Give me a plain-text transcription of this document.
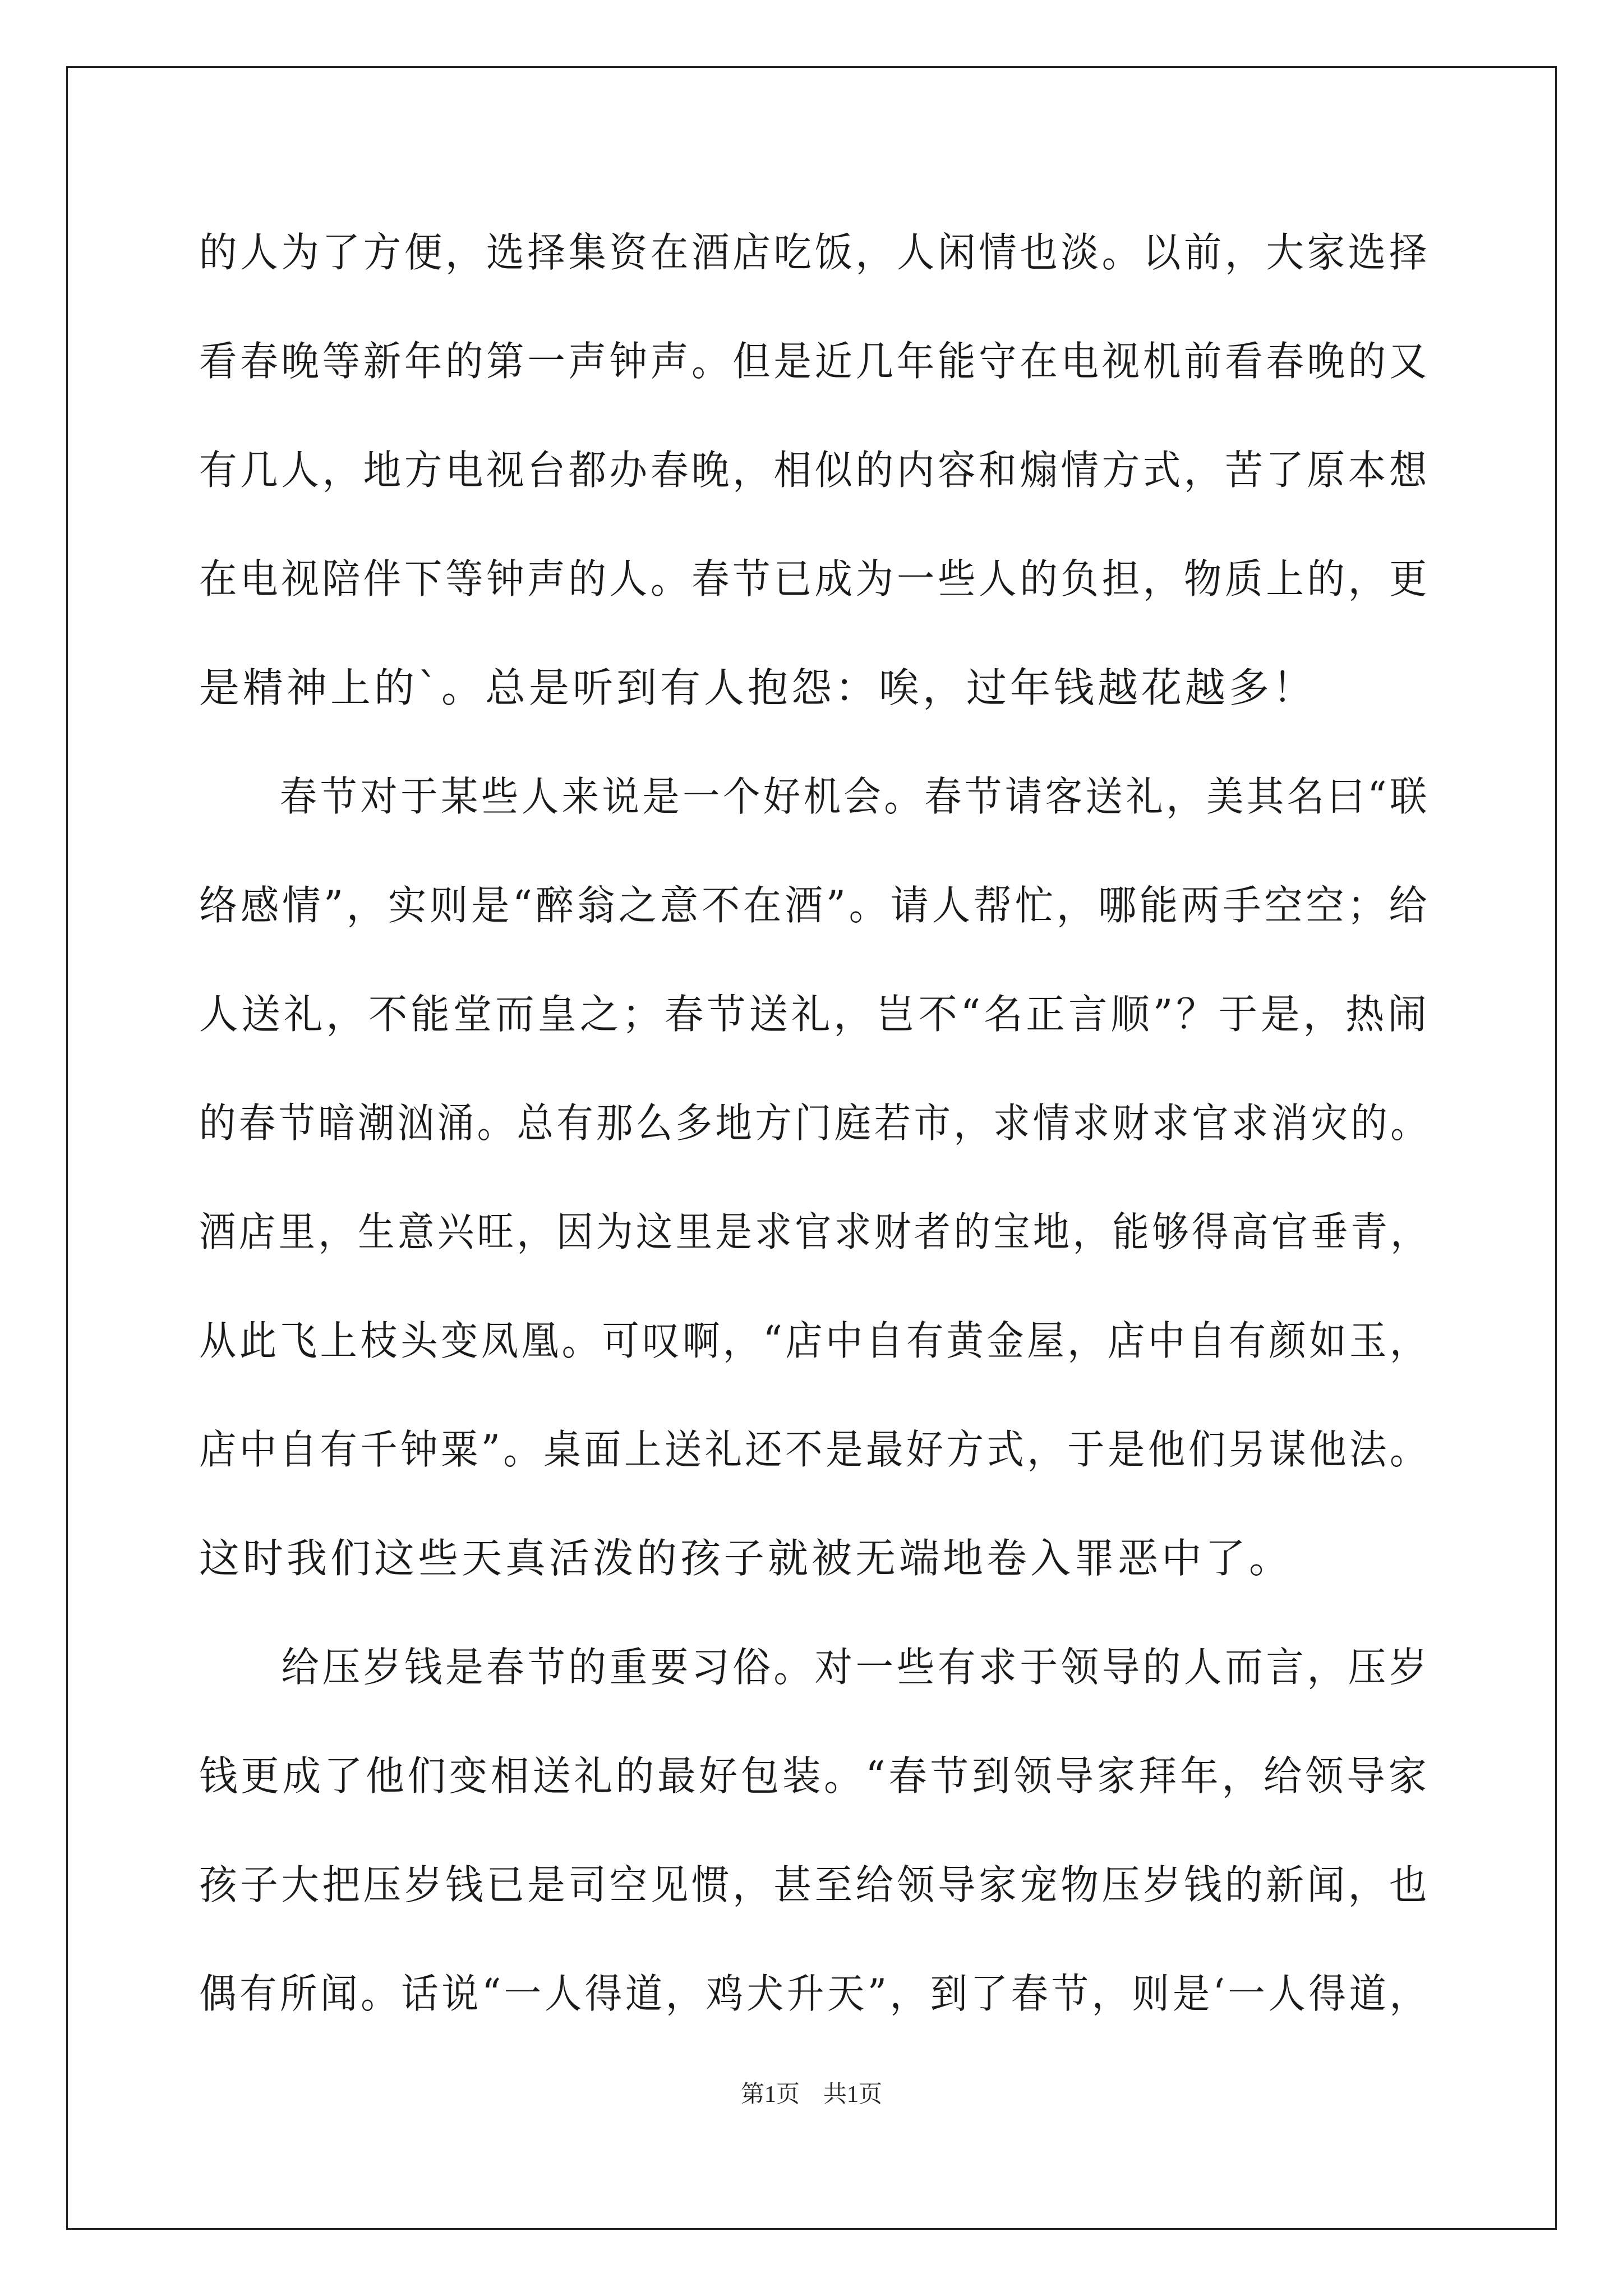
的人为了方便，选择集资在酒店吃饭，人闲情也淡。以前，大家选择
看春晚等新年的第一声钟声。但是近几年能守在电视机前看春晚的又
有几人，地方电视台都办春晚，相似的内容和煽情方式，苦了原本想
在电视陪伴下等钟声的人。春节已成为一些人的负担，物质上的，更
是精神上的`。总是听到有人抱怨：唉，过年钱越花越多！
　　春节对于某些人来说是一个好机会。春节请客送礼，美其名曰“联
络感情”，实则是“醉翁之意不在酒”。请人帮忙，哪能两手空空；给
人送礼，不能堂而皇之；春节送礼，岂不“名正言顺”？于是，热闹
的春节暗潮汹涌。总有那么多地方门庭若市，求情求财求官求消灾的。
酒店里，生意兴旺，因为这里是求官求财者的宝地，能够得高官垂青，
从此飞上枝头变凤凰。可叹啊，“店中自有黄金屋，店中自有颜如玉，
店中自有千钟粟”。桌面上送礼还不是最好方式，于是他们另谋他法。
这时我们这些天真活泼的孩子就被无端地卷入罪恶中了。
　　给压岁钱是春节的重要习俗。对一些有求于领导的人而言，压岁
钱更成了他们变相送礼的最好包装。“春节到领导家拜年，给领导家
孩子大把压岁钱已是司空见惯，甚至给领导家宠物压岁钱的新闻，也
偶有所闻。话说“一人得道，鸡犬升天”，到了春节，则是‘一人得道，
第1页　共1页
